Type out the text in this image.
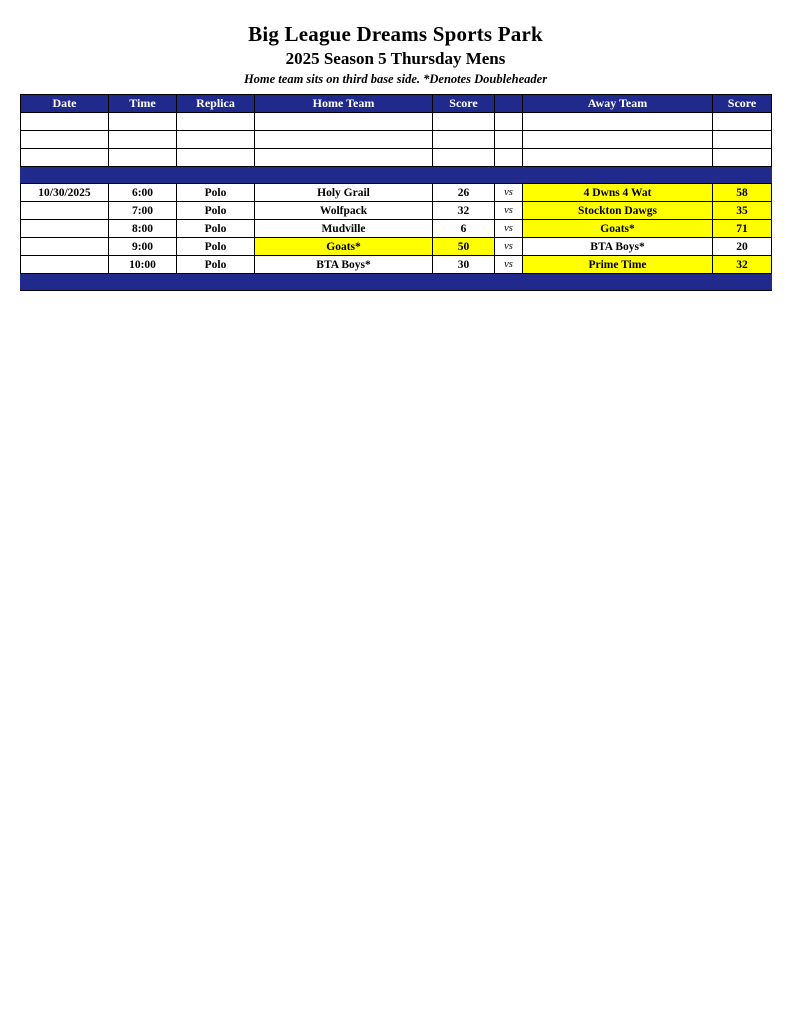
Big League Dreams Sports Park
2025 Season 5 Thursday Mens
Home team sits on third base side. *Denotes Doubleheader
Date	Time	Replica	Home Team	Score		Away Team	Score

10/30/2025	6:00	Polo	Holy Grail	26	vs	4 Dwns 4 Wat	58
	7:00	Polo	Wolfpack	32	vs	Stockton Dawgs	35
	8:00	Polo	Mudville	6	vs	Goats*	71
	9:00	Polo	Goats*	50	vs	BTA Boys*	20
	10:00	Polo	BTA Boys*	30	vs	Prime Time	32
